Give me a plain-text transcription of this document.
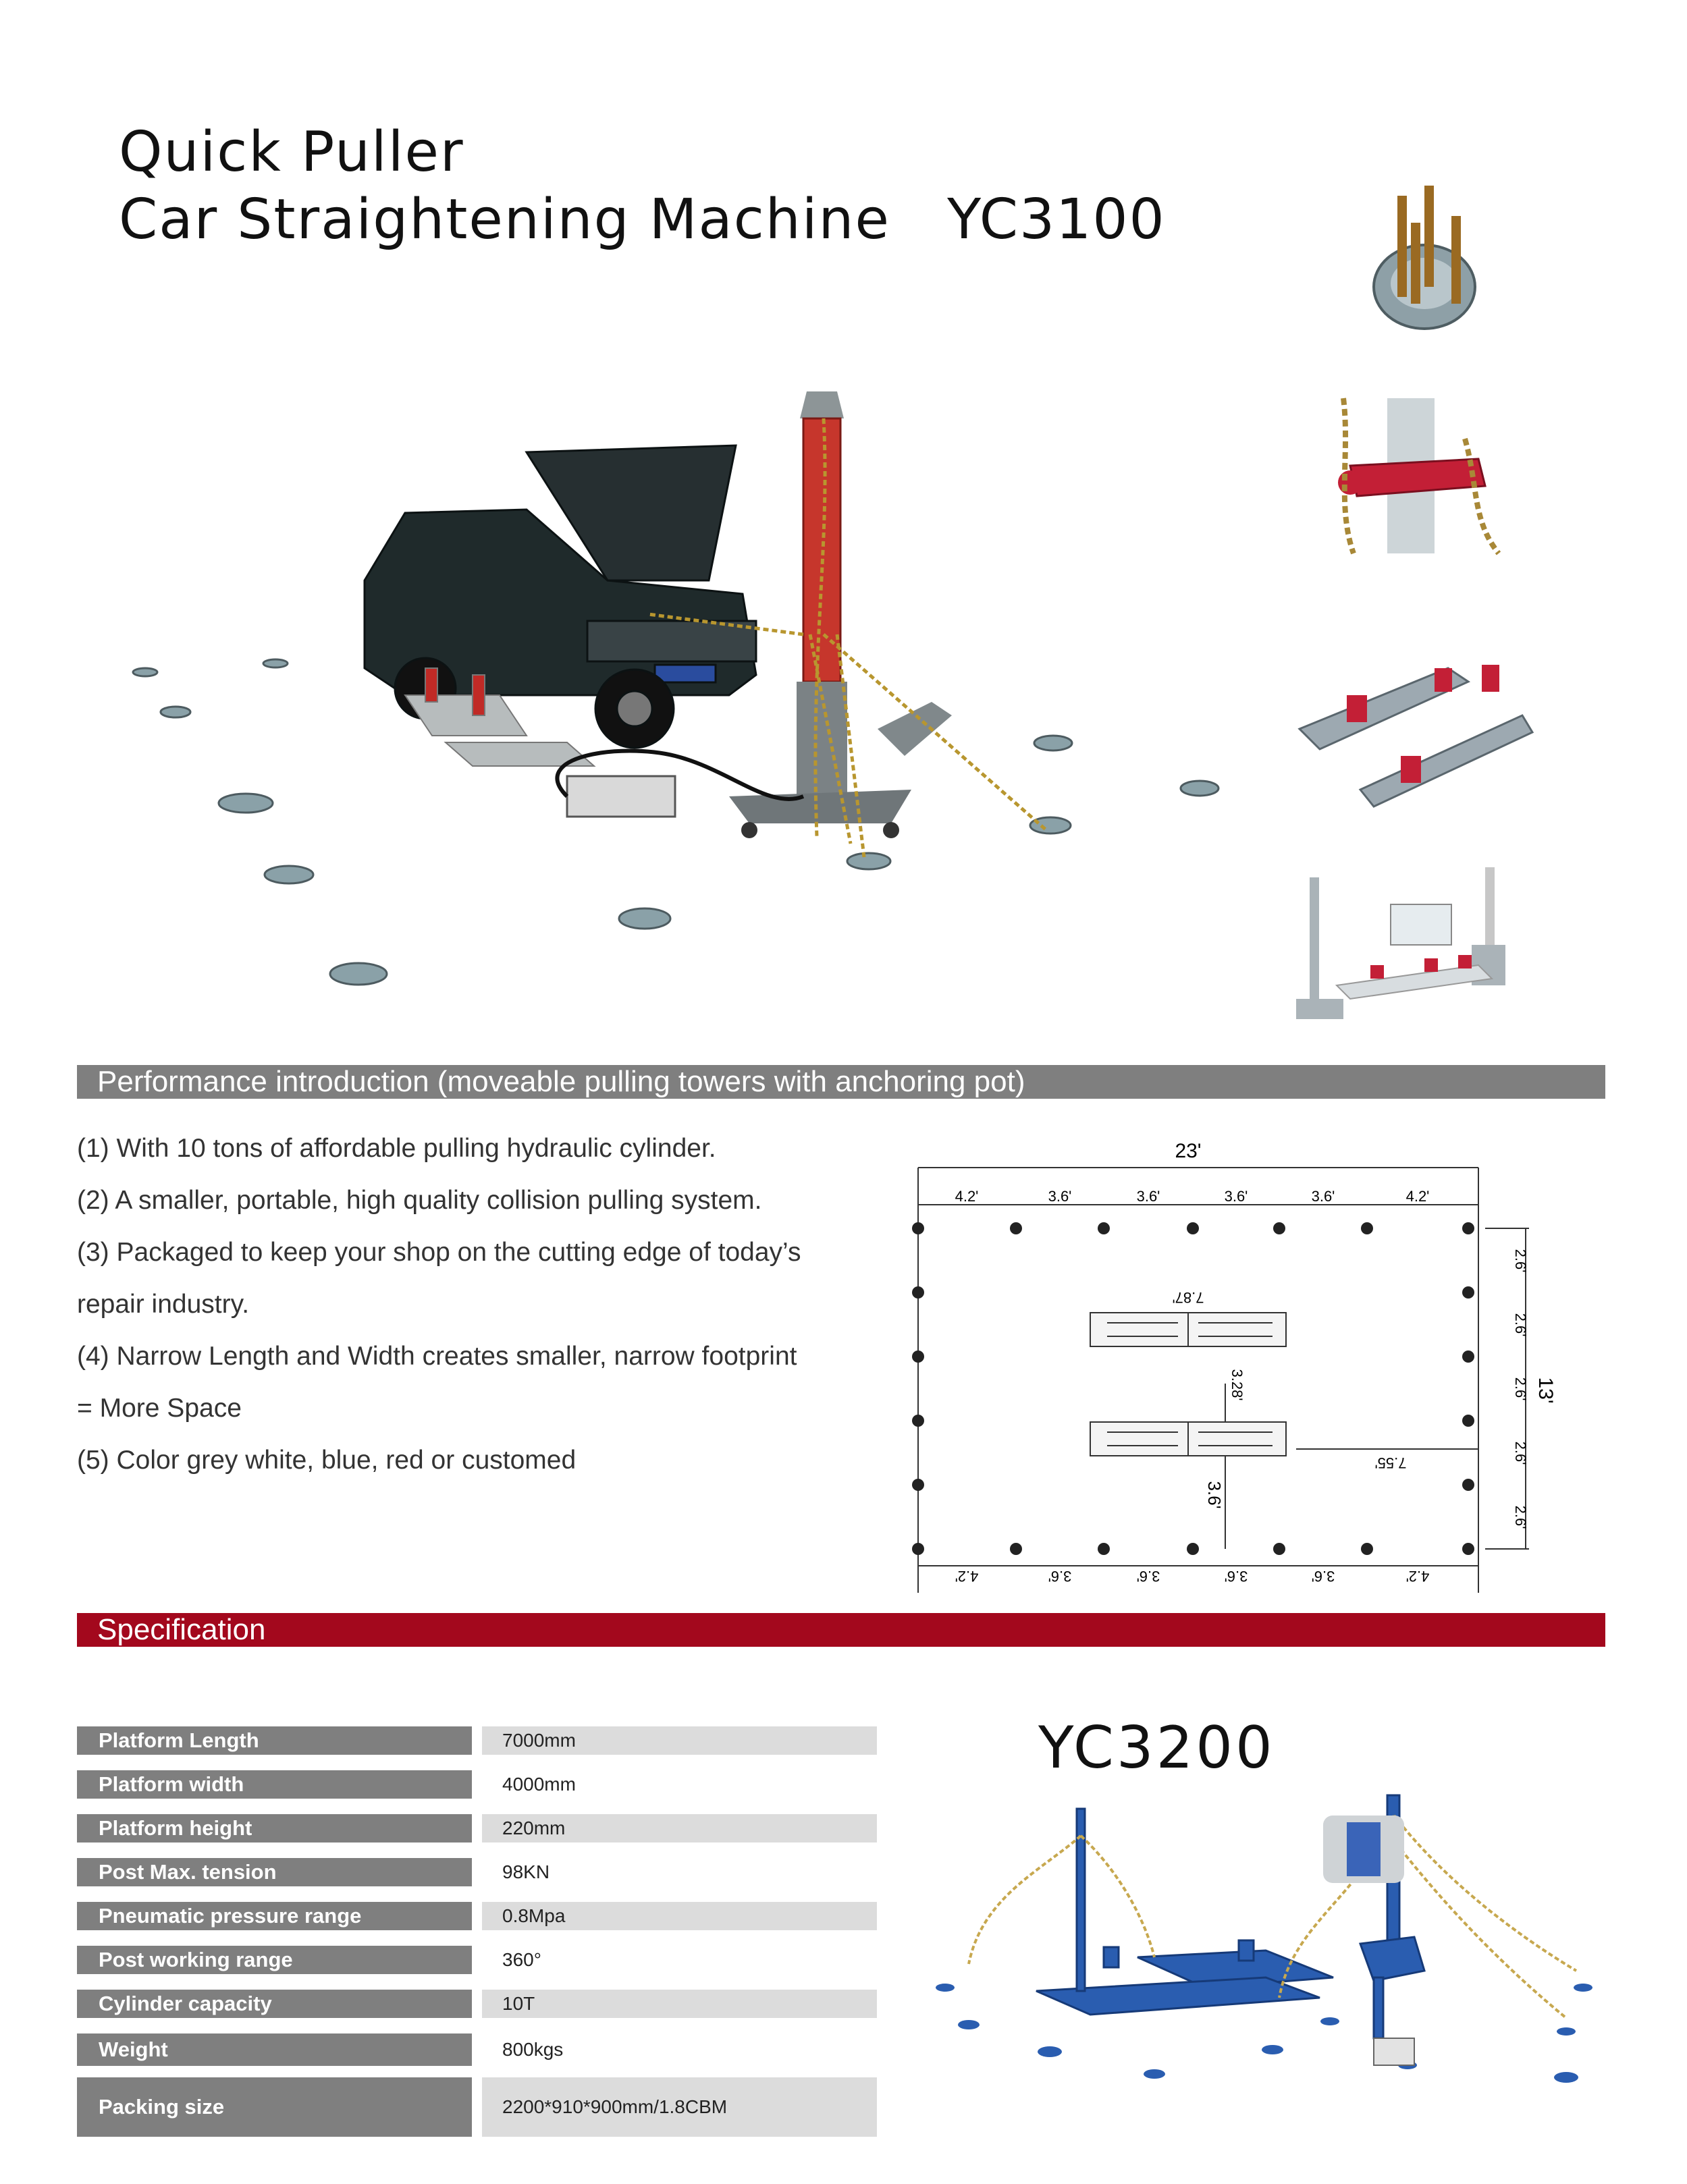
Quick Puller
Car Straightening Machine   YC3100
Performance introduction (moveable pulling towers with anchoring pot)
(1) With 10 tons of affordable pulling hydraulic cylinder.
(2) A smaller, portable, high quality collision pulling system.
(3) Packaged to keep your shop on the cutting edge of today’s
repair industry.
(4) Narrow Length and Width creates smaller, narrow footprint
= More Space
(5) Color grey white, blue, red or customed
23'
4.2'	3.6'	3.6'	3.6'	3.6'	4.2'
4.2'	3.6'	3.6'	3.6'	3.6'	4.2'
2.6'
2.6'
2.6'
2.6'
2.6'
13'
7.87'
3.28'
3.6'
7.55'
Specification
Platform Length	7000mm
Platform width	4000mm
Platform height	220mm
Post Max. tension	98KN
Pneumatic pressure range	0.8Mpa
Post working range	360°
Cylinder capacity	10T
Weight	800kgs
Packing size	2200*910*900mm/1.8CBM
YC3200
